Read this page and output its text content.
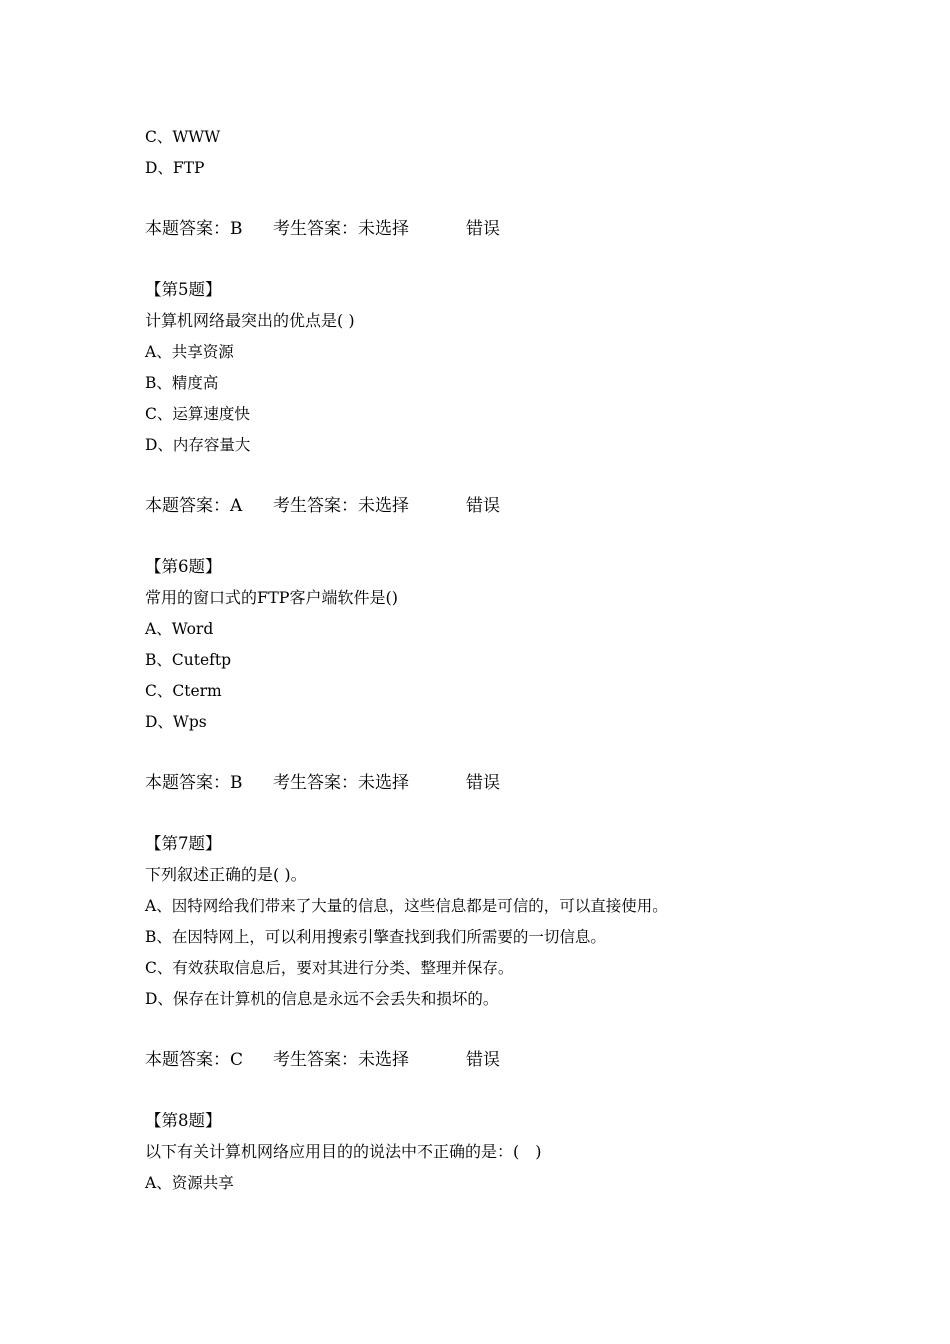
C、WWW
D、FTP
本题答案：B 考生答案：未选择	错误
【第5题】
计算机网络最突出的优点是( )
A、共享资源
B、精度高
C、运算速度快
D、内存容量大
本题答案：A 考生答案：未选择	错误
【第6题】
常用的窗口式的FTP客户端软件是()
A、Word
B、Cuteftp
C、Cterm
D、Wps
本题答案：B 考生答案：未选择	错误
【第7题】
下列叙述正确的是( )。
A、因特网给我们带来了大量的信息，这些信息都是可信的，可以直接使用。
B、在因特网上，可以利用搜索引擎查找到我们所需要的一切信息。
C、有效获取信息后，要对其进行分类、整理并保存。
D、保存在计算机的信息是永远不会丢失和损坏的。
本题答案：C 考生答案：未选择	错误
【第8题】
以下有关计算机网络应用目的的说法中不正确的是：(　)
A、资源共享
